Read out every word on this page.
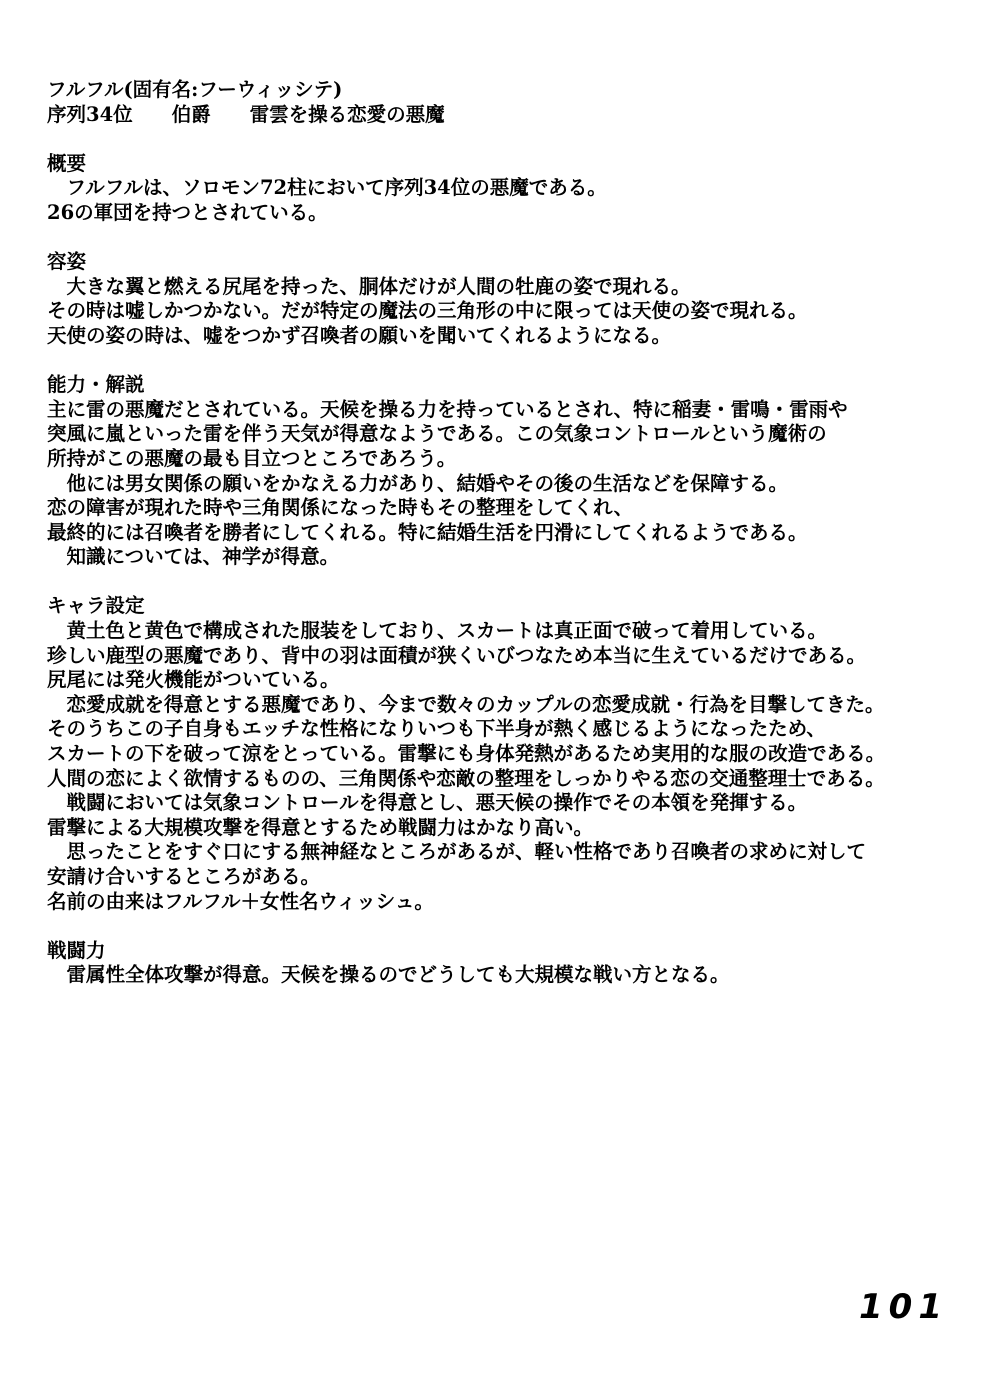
フルフル(固有名:フーウィッシテ)
序列34位　　伯爵　　雷雲を操る恋愛の悪魔
概要
　フルフルは、ソロモン72柱において序列34位の悪魔である。
26の軍団を持つとされている。
容姿
　大きな翼と燃える尻尾を持った、胴体だけが人間の牡鹿の姿で現れる。
その時は嘘しかつかない。だが特定の魔法の三角形の中に限っては天使の姿で現れる。
天使の姿の時は、嘘をつかず召喚者の願いを聞いてくれるようになる。
能力・解説
主に雷の悪魔だとされている。天候を操る力を持っているとされ、特に稲妻・雷鳴・雷雨や
突風に嵐といった雷を伴う天気が得意なようである。この気象コントロールという魔術の
所持がこの悪魔の最も目立つところであろう。
　他には男女関係の願いをかなえる力があり、結婚やその後の生活などを保障する。
恋の障害が現れた時や三角関係になった時もその整理をしてくれ、
最終的には召喚者を勝者にしてくれる。特に結婚生活を円滑にしてくれるようである。
　知識については、神学が得意。
キャラ設定
　黄土色と黄色で構成された服装をしており、スカートは真正面で破って着用している。
珍しい鹿型の悪魔であり、背中の羽は面積が狭くいびつなため本当に生えているだけである。
尻尾には発火機能がついている。
　恋愛成就を得意とする悪魔であり、今まで数々のカップルの恋愛成就・行為を目撃してきた。
そのうちこの子自身もエッチな性格になりいつも下半身が熱く感じるようになったため、
スカートの下を破って涼をとっている。雷撃にも身体発熱があるため実用的な服の改造である。
人間の恋によく欲情するものの、三角関係や恋敵の整理をしっかりやる恋の交通整理士である。
　戦闘においては気象コントロールを得意とし、悪天候の操作でその本領を発揮する。
雷撃による大規模攻撃を得意とするため戦闘力はかなり高い。
　思ったことをすぐ口にする無神経なところがあるが、軽い性格であり召喚者の求めに対して
安請け合いするところがある。
名前の由来はフルフル＋女性名ウィッシュ。
戦闘力
　雷属性全体攻撃が得意。天候を操るのでどうしても大規模な戦い方となる。
101
